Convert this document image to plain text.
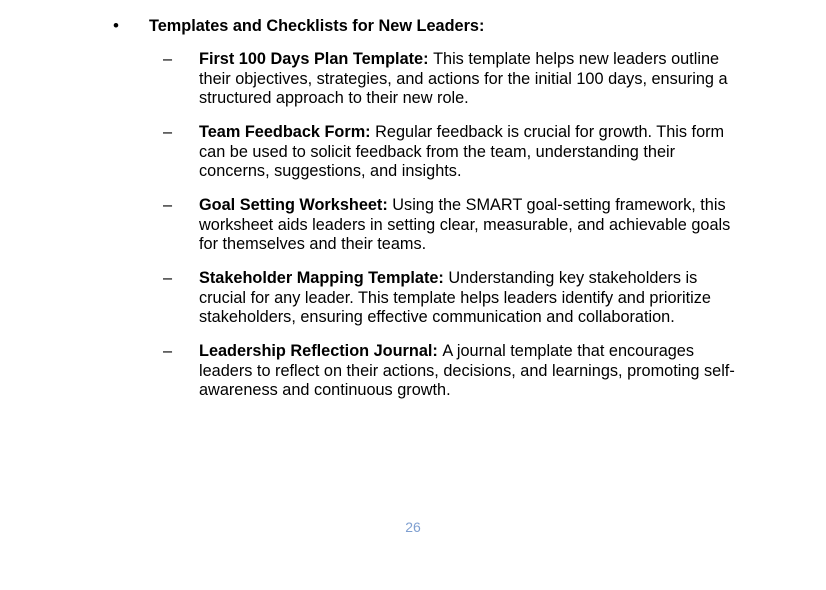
• Templates and Checklists for New Leaders:
– First 100 Days Plan Template: This template helps new leaders outline their objectives, strategies, and actions for the initial 100 days, ensuring a structured approach to their new role.
– Team Feedback Form: Regular feedback is crucial for growth. This form can be used to solicit feedback from the team, understanding their concerns, suggestions, and insights.
– Goal Setting Worksheet: Using the SMART goal-setting framework, this worksheet aids leaders in setting clear, measurable, and achievable goals for themselves and their teams.
– Stakeholder Mapping Template: Understanding key stakeholders is crucial for any leader. This template helps leaders identify and prioritize stakeholders, ensuring effective communication and collaboration.
– Leadership Reflection Journal: A journal template that encourages leaders to reflect on their actions, decisions, and learnings, promoting self-awareness and continuous growth.
26
